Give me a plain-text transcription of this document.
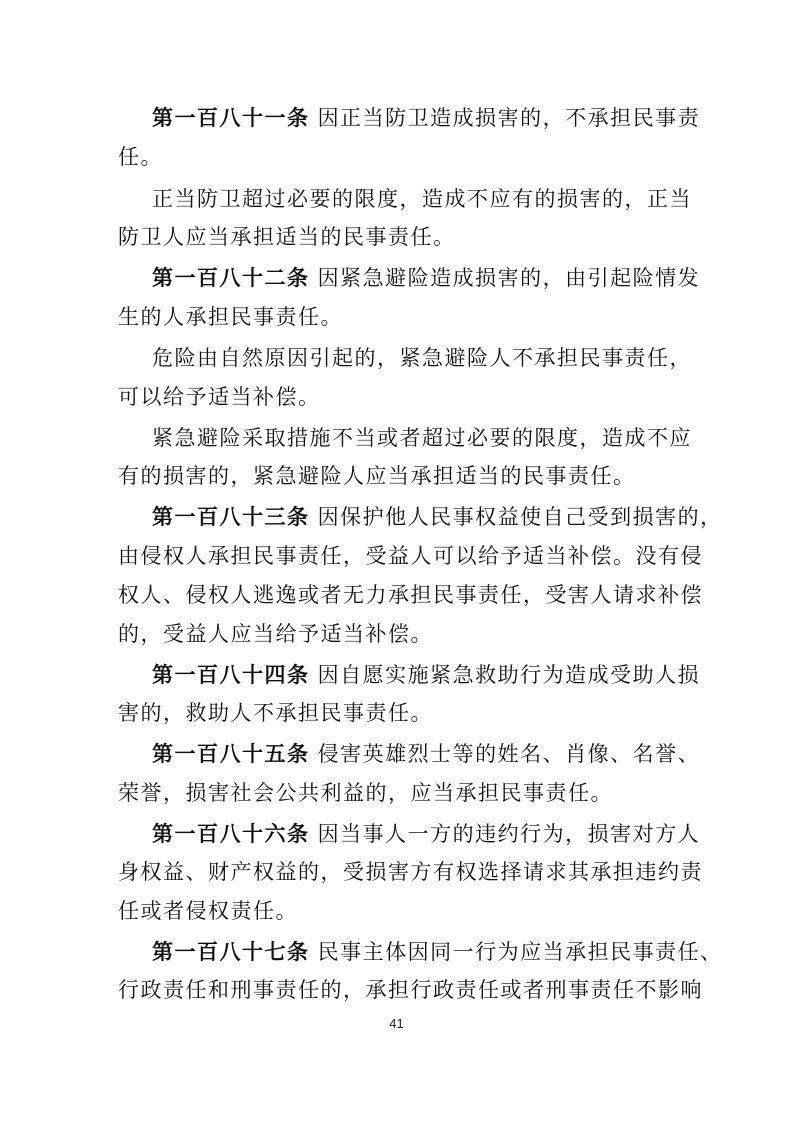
第一百八十一条 因正当防卫造成损害的，不承担民事责
任。
正当防卫超过必要的限度，造成不应有的损害的，正当
防卫人应当承担适当的民事责任。
第一百八十二条 因紧急避险造成损害的，由引起险情发
生的人承担民事责任。
危险由自然原因引起的，紧急避险人不承担民事责任，
可以给予适当补偿。
紧急避险采取措施不当或者超过必要的限度，造成不应
有的损害的，紧急避险人应当承担适当的民事责任。
第一百八十三条 因保护他人民事权益使自己受到损害的，
由侵权人承担民事责任，受益人可以给予适当补偿。没有侵
权人、侵权人逃逸或者无力承担民事责任，受害人请求补偿
的，受益人应当给予适当补偿。
第一百八十四条 因自愿实施紧急救助行为造成受助人损
害的，救助人不承担民事责任。
第一百八十五条 侵害英雄烈士等的姓名、肖像、名誉、
荣誉，损害社会公共利益的，应当承担民事责任。
第一百八十六条 因当事人一方的违约行为，损害对方人
身权益、财产权益的，受损害方有权选择请求其承担违约责
任或者侵权责任。
第一百八十七条 民事主体因同一行为应当承担民事责任、
行政责任和刑事责任的，承担行政责任或者刑事责任不影响
41
